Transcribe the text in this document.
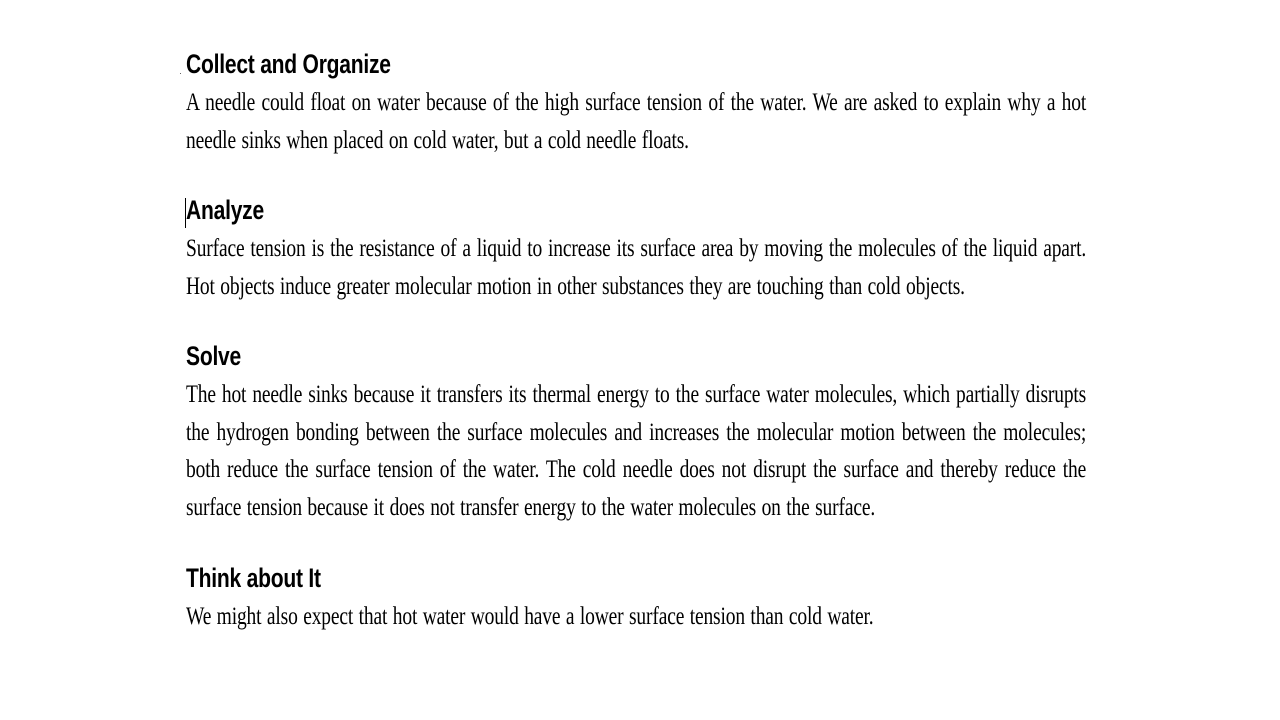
Collect and Organize
A needle could float on water because of the high surface tension of the water. We are asked to explain why a hot needle sinks when placed on cold water, but a cold needle floats.
Analyze
Surface tension is the resistance of a liquid to increase its surface area by moving the molecules of the liquid apart. Hot objects induce greater molecular motion in other substances they are touching than cold objects.
Solve
The hot needle sinks because it transfers its thermal energy to the surface water molecules, which partially disrupts the hydrogen bonding between the surface molecules and increases the molecular motion between the molecules; both reduce the surface tension of the water. The cold needle does not disrupt the surface and thereby reduce the surface tension because it does not transfer energy to the water molecules on the surface.
Think about It
We might also expect that hot water would have a lower surface tension than cold water.
